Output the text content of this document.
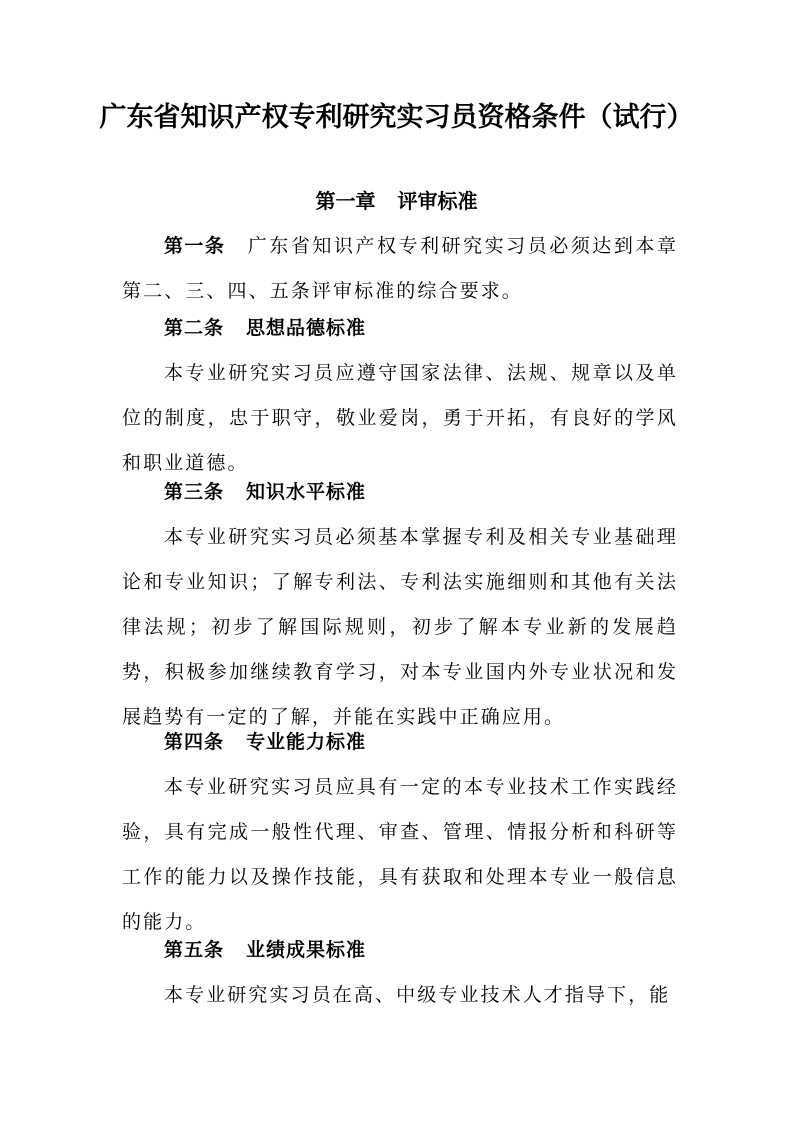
广东省知识产权专利研究实习员资格条件（试行）
第一章 评审标准

第一条 广东省知识产权专利研究实习员必须达到本章第二、三、四、五条评审标准的综合要求。

第二条 思想品德标准

本专业研究实习员应遵守国家法律、法规、规章以及单位的制度，忠于职守，敬业爱岗，勇于开拓，有良好的学风和职业道德。

第三条 知识水平标准

本专业研究实习员必须基本掌握专利及相关专业基础理论和专业知识；了解专利法、专利法实施细则和其他有关法律法规；初步了解国际规则，初步了解本专业新的发展趋势，积极参加继续教育学习，对本专业国内外专业状况和发展趋势有一定的了解，并能在实践中正确应用。

第四条 专业能力标准

本专业研究实习员应具有一定的本专业技术工作实践经验，具有完成一般性代理、审查、管理、情报分析和科研等工作的能力以及操作技能，具有获取和处理本专业一般信息的能力。

第五条 业绩成果标准

本专业研究实习员在高、中级专业技术人才指导下，能
